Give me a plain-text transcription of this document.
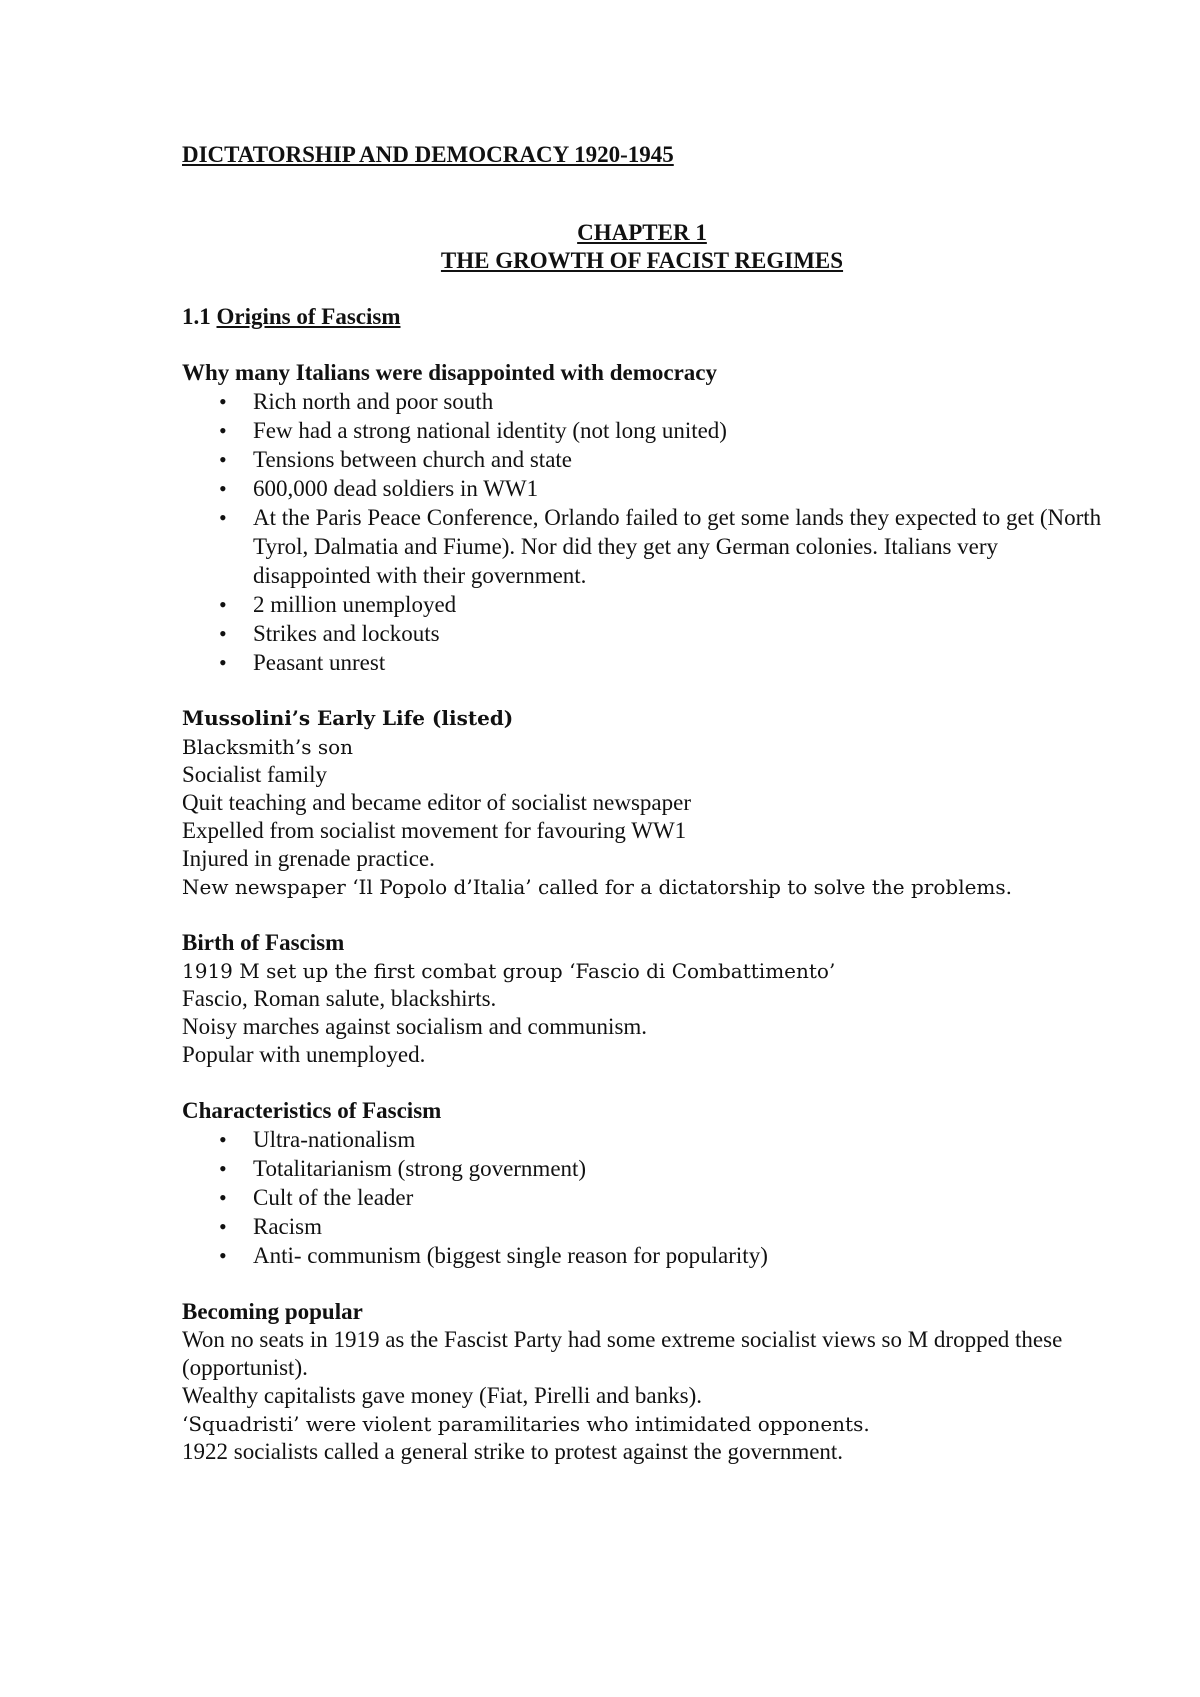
DICTATORSHIP AND DEMOCRACY 1920-1945
CHAPTER 1
THE GROWTH OF FACIST REGIMES
1.1 Origins of Fascism
Why many Italians were disappointed with democracy
• Rich north and poor south
• Few had a strong national identity (not long united)
• Tensions between church and state
• 600,000 dead soldiers in WW1
• At the Paris Peace Conference, Orlando failed to get some lands they expected to get (North Tyrol, Dalmatia and Fiume). Nor did they get any German colonies. Italians very disappointed with their government.
• 2 million unemployed
• Strikes and lockouts
• Peasant unrest
Mussolini’s Early Life (listed)
Blacksmith’s son
Socialist family
Quit teaching and became editor of socialist newspaper
Expelled from socialist movement for favouring WW1
Injured in grenade practice.
New newspaper ‘Il Popolo d’Italia’ called for a dictatorship to solve the problems.
Birth of Fascism
1919 M set up the first combat group ‘Fascio di Combattimento’
Fascio, Roman salute, blackshirts.
Noisy marches against socialism and communism.
Popular with unemployed.
Characteristics of Fascism
• Ultra-nationalism
• Totalitarianism (strong government)
• Cult of the leader
• Racism
• Anti- communism (biggest single reason for popularity)
Becoming popular
Won no seats in 1919 as the Fascist Party had some extreme socialist views so M dropped these (opportunist).
Wealthy capitalists gave money (Fiat, Pirelli and banks).
‘Squadristi’ were violent paramilitaries who intimidated opponents.
1922 socialists called a general strike to protest against the government.
